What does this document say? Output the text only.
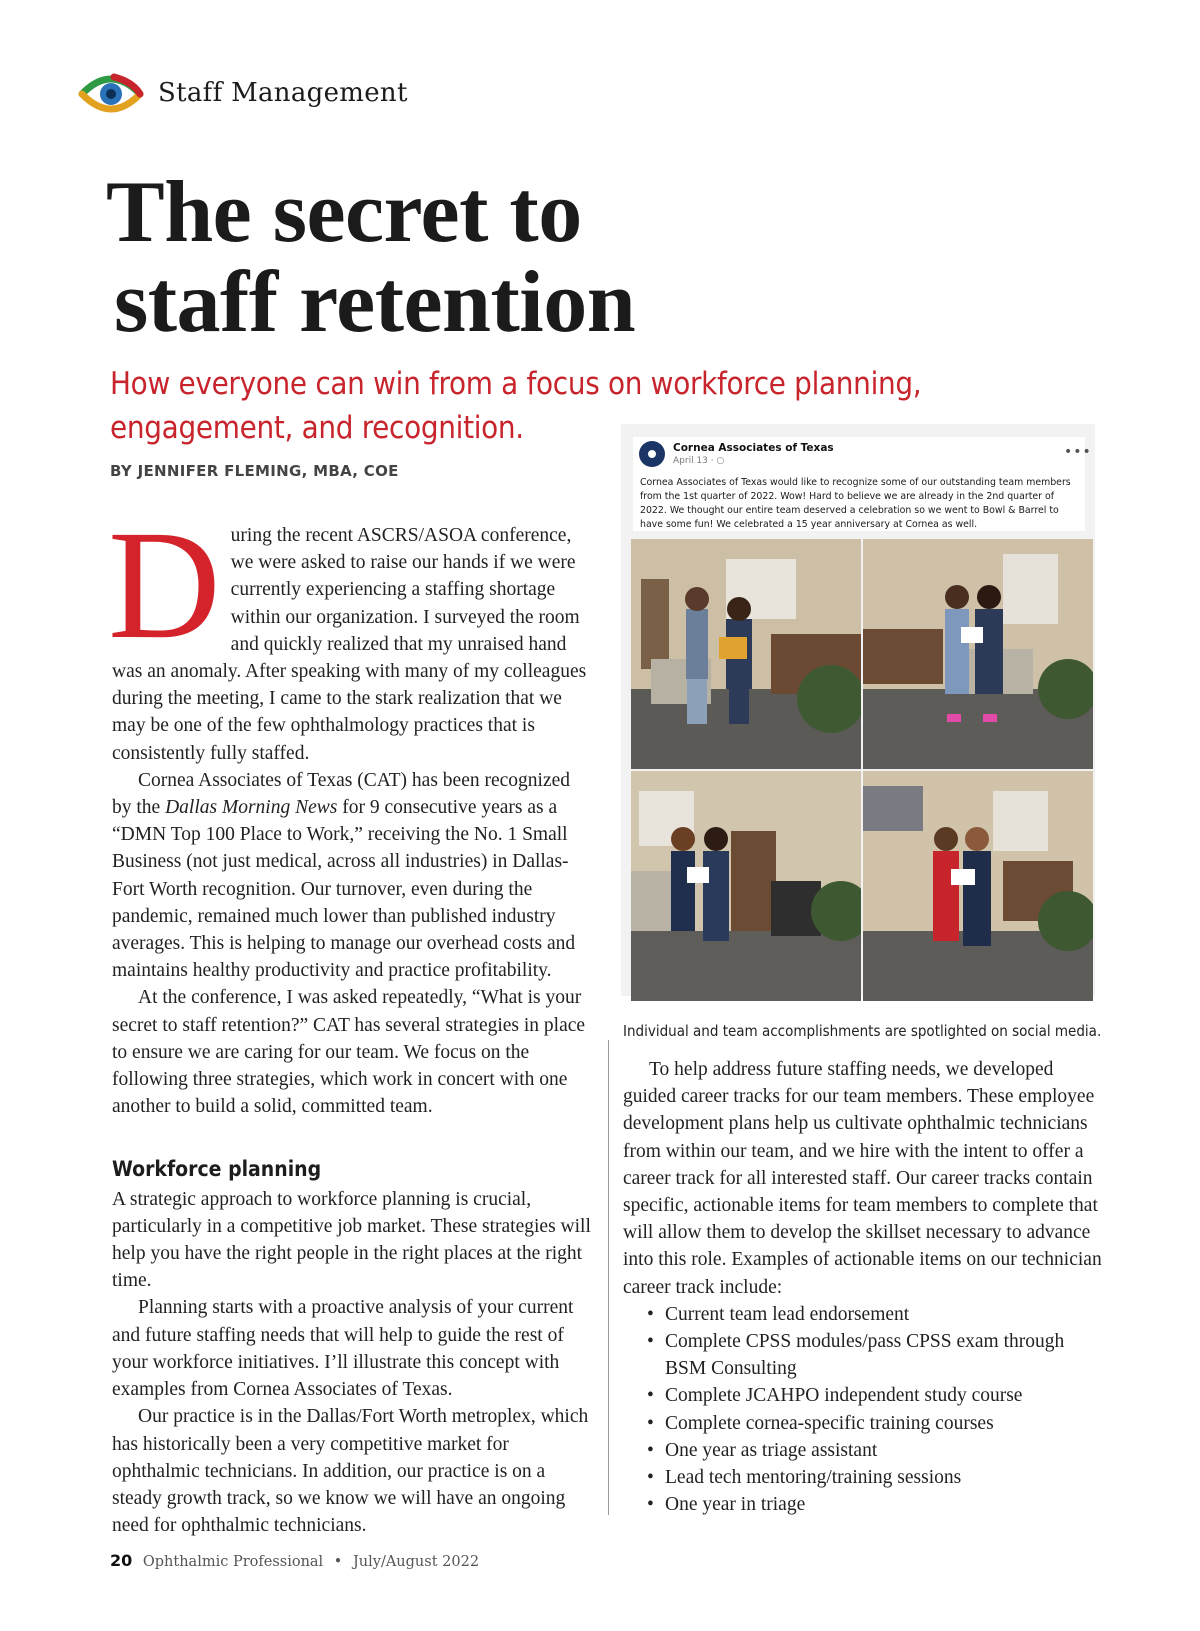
Staff Management
The secret to
staff retention
How everyone can win from a focus on workforce planning, engagement, and recognition.
BY JENNIFER FLEMING, MBA, COE

During the recent ASCRS/ASOA conference, we were asked to raise our hands if we were currently experiencing a staffing shortage within our organization. I surveyed the room and quickly realized that my unraised hand was an anomaly. After speaking with many of my colleagues during the meeting, I came to the stark realization that we may be one of the few ophthalmology practices that is consistently fully staffed.

Cornea Associates of Texas (CAT) has been recognized by the Dallas Morning News for 9 consecutive years as a “DMN Top 100 Place to Work,” receiving the No. 1 Small Business (not just medical, across all industries) in Dallas-Fort Worth recognition. Our turnover, even during the pandemic, remained much lower than published industry averages. This is helping to manage our overhead costs and maintains healthy productivity and practice profitability.

At the conference, I was asked repeatedly, “What is your secret to staff retention?” CAT has several strategies in place to ensure we are caring for our team. We focus on the following three strategies, which work in concert with one another to build a solid, committed team.

Workforce planning

A strategic approach to workforce planning is crucial, particularly in a competitive job market. These strategies will help you have the right people in the right places at the right time.

Planning starts with a proactive analysis of your current and future staffing needs that will help to guide the rest of your workforce initiatives. I’ll illustrate this concept with examples from Cornea Associates of Texas.

Our practice is in the Dallas/Fort Worth metroplex, which has historically been a very competitive market for ophthalmic technicians. In addition, our practice is on a steady growth track, so we know we will have an ongoing need for ophthalmic technicians.

Cornea Associates of Texas
April 13 · ○
•••
Cornea Associates of Texas would like to recognize some of our outstanding team members from the 1st quarter of 2022. Wow! Hard to believe we are already in the 2nd quarter of 2022. We thought our entire team deserved a celebration so we went to Bowl & Barrel to have some fun! We celebrated a 15 year anniversary at Cornea as well.
Individual and team accomplishments are spotlighted on social media.

To help address future staffing needs, we developed guided career tracks for our team members. These employee development plans help us cultivate ophthalmic technicians from within our team, and we hire with the intent to offer a career track for all interested staff. Our career tracks contain specific, actionable items for team members to complete that will allow them to develop the skillset necessary to advance into this role. Examples of actionable items on our technician career track include:

• Current team lead endorsement
• Complete CPSS modules/pass CPSS exam through BSM Consulting
• Complete JCAHPO independent study course
• Complete cornea-specific training courses
• One year as triage assistant
• Lead tech mentoring/training sessions
• One year in triage
20 Ophthalmic Professional • July/August 2022
